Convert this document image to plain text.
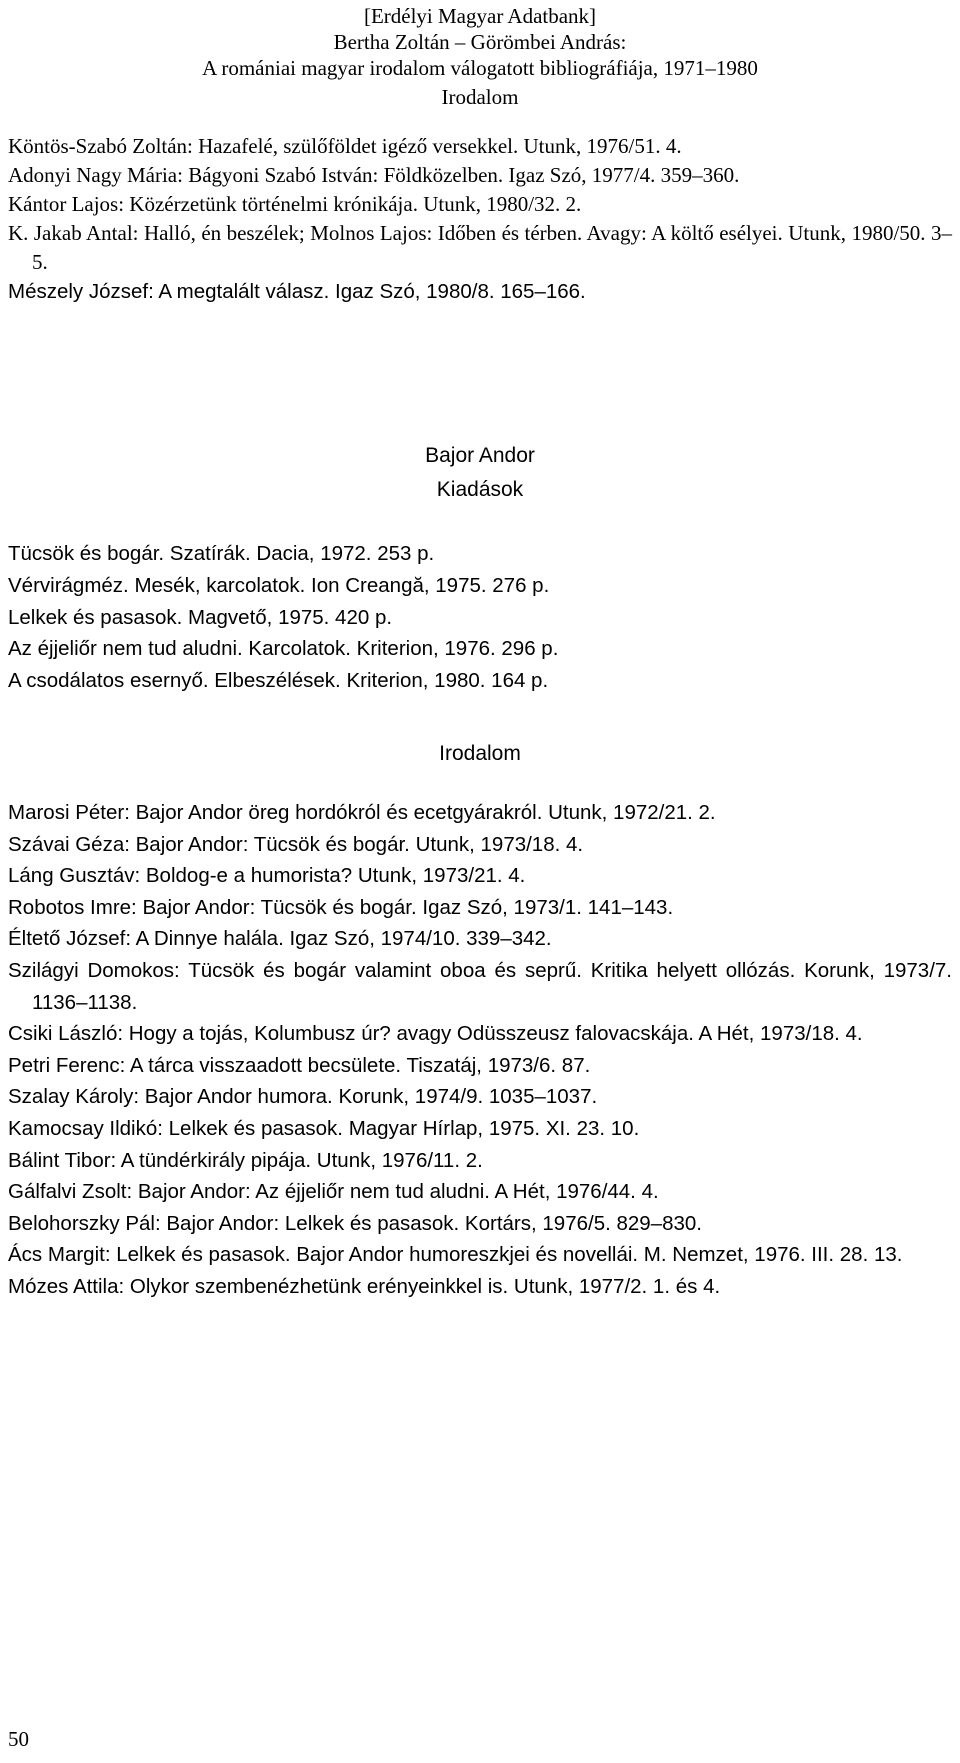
[Erdélyi Magyar Adatbank]
Bertha Zoltán – Görömbei András:
A romániai magyar irodalom válogatott bibliográfiája, 1971–1980
Irodalom

Köntös-Szabó Zoltán: Hazafelé, szülőföldet igéző versekkel. Utunk, 1976/51. 4.

Adonyi Nagy Mária: Bágyoni Szabó István: Földközelben. Igaz Szó, 1977/4. 359–360.

Kántor Lajos: Közérzetünk történelmi krónikája. Utunk, 1980/32. 2.

K. Jakab Antal: Halló, én beszélek; Molnos Lajos: Időben és térben. Avagy: A költő esélyei. Utunk, 1980/50. 3–5.

Mészely József: A megtalált válasz. Igaz Szó, 1980/8. 165–166.

Bajor Andor
Kiadások

Tücsök és bogár. Szatírák. Dacia, 1972. 253 p.

Vérvirágméz. Mesék, karcolatok. Ion Creangă, 1975. 276 p.

Lelkek és pasasok. Magvető, 1975. 420 p.

Az éjjeliőr nem tud aludni. Karcolatok. Kriterion, 1976. 296 p.

A csodálatos esernyő. Elbeszélések. Kriterion, 1980. 164 p.

Irodalom

Marosi Péter: Bajor Andor öreg hordókról és ecetgyárakról. Utunk, 1972/21. 2.

Szávai Géza: Bajor Andor: Tücsök és bogár. Utunk, 1973/18. 4.

Láng Gusztáv: Boldog-e a humorista? Utunk, 1973/21. 4.

Robotos Imre: Bajor Andor: Tücsök és bogár. Igaz Szó, 1973/1. 141–143.

Éltető József: A Dinnye halála. Igaz Szó, 1974/10. 339–342.

Szilágyi Domokos: Tücsök és bogár valamint oboa és seprű. Kritika helyett ollózás. Korunk, 1973/7. 1136–1138.

Csiki László: Hogy a tojás, Kolumbusz úr? avagy Odüsszeusz falovacskája. A Hét, 1973/18. 4.

Petri Ferenc: A tárca visszaadott becsülete. Tiszatáj, 1973/6. 87.

Szalay Károly: Bajor Andor humora. Korunk, 1974/9. 1035–1037.

Kamocsay Ildikó: Lelkek és pasasok. Magyar Hírlap, 1975. XI. 23. 10.

Bálint Tibor: A tündérkirály pipája. Utunk, 1976/11. 2.

Gálfalvi Zsolt: Bajor Andor: Az éjjeliőr nem tud aludni. A Hét, 1976/44. 4.

Belohorszky Pál: Bajor Andor: Lelkek és pasasok. Kortárs, 1976/5. 829–830.

Ács Margit: Lelkek és pasasok. Bajor Andor humoreszkjei és novellái. M. Nemzet, 1976. III. 28. 13.

Mózes Attila: Olykor szembenézhetünk erényeinkkel is. Utunk, 1977/2. 1. és 4.

50
